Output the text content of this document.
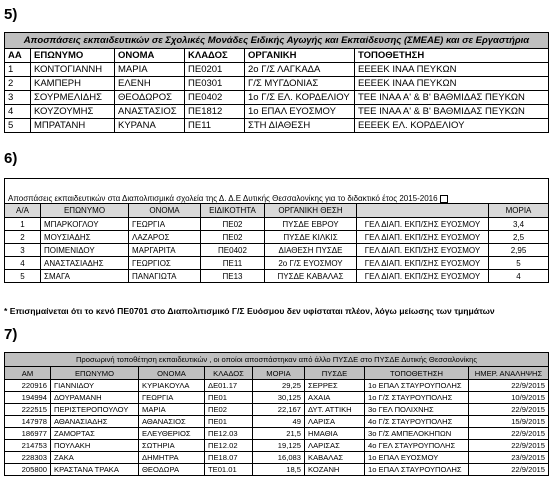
5)
Αποσπάσεις εκπαιδευτικών σε Σχολικές Μονάδες Ειδικής Αγωγής και Εκπαίδευσης (ΣΜΕΑΕ) και σε Εργαστήρια					
ΑΑ	ΕΠΩΝΥΜΟ	ΟΝΟΜΑ	ΚΛΑΔΟΣ	ΟΡΓΑΝΙΚΗ	ΤΟΠΟΘΕΤΗΣΗ
1	ΚΟΝΤΟΓΙΑΝΝΗ	ΜΑΡΙΑ	ΠΕ0201	2ο Γ/Σ ΛΑΓΚΑΔΑ	ΕΕΕΕΚ ΙΝΑΑ ΠΕΥΚΩΝ
2	ΚΑΜΠΕΡΗ	ΕΛΕΝΗ	ΠΕ0301	Γ/Σ ΜΥΓΔΟΝΙΑΣ	ΕΕΕΕΚ ΙΝΑΑ ΠΕΥΚΩΝ
3	ΣΟΥΡΜΕΛΙΔΗΣ	ΘΕΟΔΩΡΟΣ	ΠΕ0402	1ο Γ/Σ ΕΛ. ΚΟΡΔΕΛΙΟΥ	ΤΕΕ ΙΝΑΑ Α' & Β' ΒΑΘΜΙΔΑΣ ΠΕΥΚΩΝ
4	ΚΟΥΖΟΥΜΗΣ	ΑΝΑΣΤΑΣΙΟΣ	ΠΕ1812	1ο ΕΠΑΛ ΕΥΟΣΜΟΥ	ΤΕΕ ΙΝΑΑ Α' & Β' ΒΑΘΜΙΔΑΣ ΠΕΥΚΩΝ
5	ΜΠΡΑΤΑΝΗ	ΚΥΡΑΝΑ	ΠΕ11	ΣΤΗ ΔΙΑΘΕΣΗ	ΕΕΕΕΚ ΕΛ. ΚΟΡΔΕΛΙΟΥ
6)
Αποσπάσεις εκπαιδευτικών στα Διαπολιτισμικά σχολεία της Δ. Δ.Ε Δυτικής Θεσσαλονίκης για το διδακτικό έτος 2015-2016						
Α/Α	ΕΠΩΝΥΜΟ	ΟΝΟΜΑ	ΕΙΔΙΚΟΤΗΤΑ	ΟΡΓΑΝΙΚΗ ΘΕΣΗ		ΜΟΡΙΑ
1	ΜΠΑΡΚΟΓΛΟΥ	ΓΕΩΡΓΙΑ	ΠΕ02	ΠΥΣΔΕ ΕΒΡΟΥ	ΓΕΛ ΔΙΑΠ. ΕΚΠ/ΣΗΣ ΕΥΟΣΜΟΥ	3,4
2	ΜΟΥΣΙΑΔΗΣ	ΛΑΖΑΡΟΣ	ΠΕ02	ΠΥΣΔΕ ΚΙΛΚΙΣ	ΓΕΛ ΔΙΑΠ. ΕΚΠ/ΣΗΣ ΕΥΟΣΜΟΥ	2,5
3	ΠΟΙΜΕΝΙΔΟΥ	ΜΑΡΓΑΡΙΤΑ	ΠΕ0402	ΔΙΑΘΕΣΗ ΠΥΣΔΕ	ΓΕΛ ΔΙΑΠ. ΕΚΠ/ΣΗΣ ΕΥΟΣΜΟΥ	2,95
4	ΑΝΑΣΤΑΣΙΑΔΗΣ	ΓΕΩΡΓΙΟΣ	ΠΕ11	2ο Γ/Σ ΕΥΟΣΜΟΥ	ΓΕΛ ΔΙΑΠ. ΕΚΠ/ΣΗΣ ΕΥΟΣΜΟΥ	5
5	ΣΜΑΓΑ	ΠΑΝΑΓΙΩΤΑ	ΠΕ13	ΠΥΣΔΕ ΚΑΒΑΛΑΣ	ΓΕΛ ΔΙΑΠ. ΕΚΠ/ΣΗΣ ΕΥΟΣΜΟΥ	4
* Επισημαίνεται ότι το κενό ΠΕ0701 στο Διαπολιτισμικό Γ/Σ Ευόσμου δεν υφίσταται πλέον, λόγω μείωσης των τμημάτων
7)
Προσωρινή τοποθέτηση εκπαιδευτικών , οι οποίοι αποσπάστηκαν από άλλο ΠΥΣΔΕ στο ΠΥΣΔΕ Δυτικής Θεσσαλονίκης							
ΑΜ	ΕΠΩΝΥΜΟ	ΟΝΟΜΑ	ΚΛΑΔΟΣ	ΜΟΡΙΑ	ΠΥΣΔΕ	ΤΟΠΟΘΕΤΗΣΗ	ΗΜΕΡ. ΑΝΑΛΗΨΗΣ
220916	ΓΙΑΝΝΙΔΟΥ	ΚΥΡΙΑΚΟΥΛΑ	ΔΕ01.17	29,25	ΣΕΡΡΕΣ	1ο ΕΠΑΛ ΣΤΑΥΡΟΥΠΟΛΗΣ	22/9/2015
194994	ΔΟΥΡΑΜΑΝΗ	ΓΕΩΡΓΙΑ	ΠΕ01	30,125	ΑΧΑΙΑ	1ο Γ/Σ ΣΤΑΥΡΟΥΠΟΛΗΣ	10/9/2015
222515	ΠΕΡΙΣΤΕΡΟΠΟΥΛΟΥ	ΜΑΡΙΑ	ΠΕ02	22,167	ΔΥΤ. ΑΤΤΙΚΗ	3ο ΓΕΛ ΠΟΛΙΧΝΗΣ	22/9/2015
147978	ΑΘΑΝΑΣΙΑΔΗΣ	ΑΘΑΝΑΣΙΟΣ	ΠΕ01	49	ΛΑΡΙΣΑ	4ο Γ/Σ ΣΤΑΥΡΟΥΠΟΛΗΣ	15/9/2015
186977	ΖΑΜΟΡΤΑΣ	ΕΛΕΥΘΕΡΙΟΣ	ΠΕ12.03	21,5	ΗΜΑΘΙΑ	3ο Γ/Σ ΑΜΠΕΛΟΚΗΠΩΝ	22/9/2015
214753	ΠΟΥΛΑΚΗ	ΣΩΤΗΡΙΑ	ΠΕ12.02	19,125	ΛΑΡΙΣΑΣ	4ο ΓΕΛ ΣΤΑΥΡΟΥΠΟΛΗΣ	22/9/2015
228303	ΖΑΚΑ	ΔΗΜΗΤΡΑ	ΠΕ18.07	16,083	ΚΑΒΑΛΑΣ	1ο ΕΠΑΛ ΕΥΟΣΜΟΥ	23/9/2015
205800	ΚΡΑΣΤΑΝΑ ΤΡΑΚΑ	ΘΕΟΔΩΡΑ	ΤΕ01.01	18,5	ΚΟΖΑΝΗ	1ο ΕΠΑΛ ΣΤΑΥΡΟΥΠΟΛΗΣ	22/9/2015
